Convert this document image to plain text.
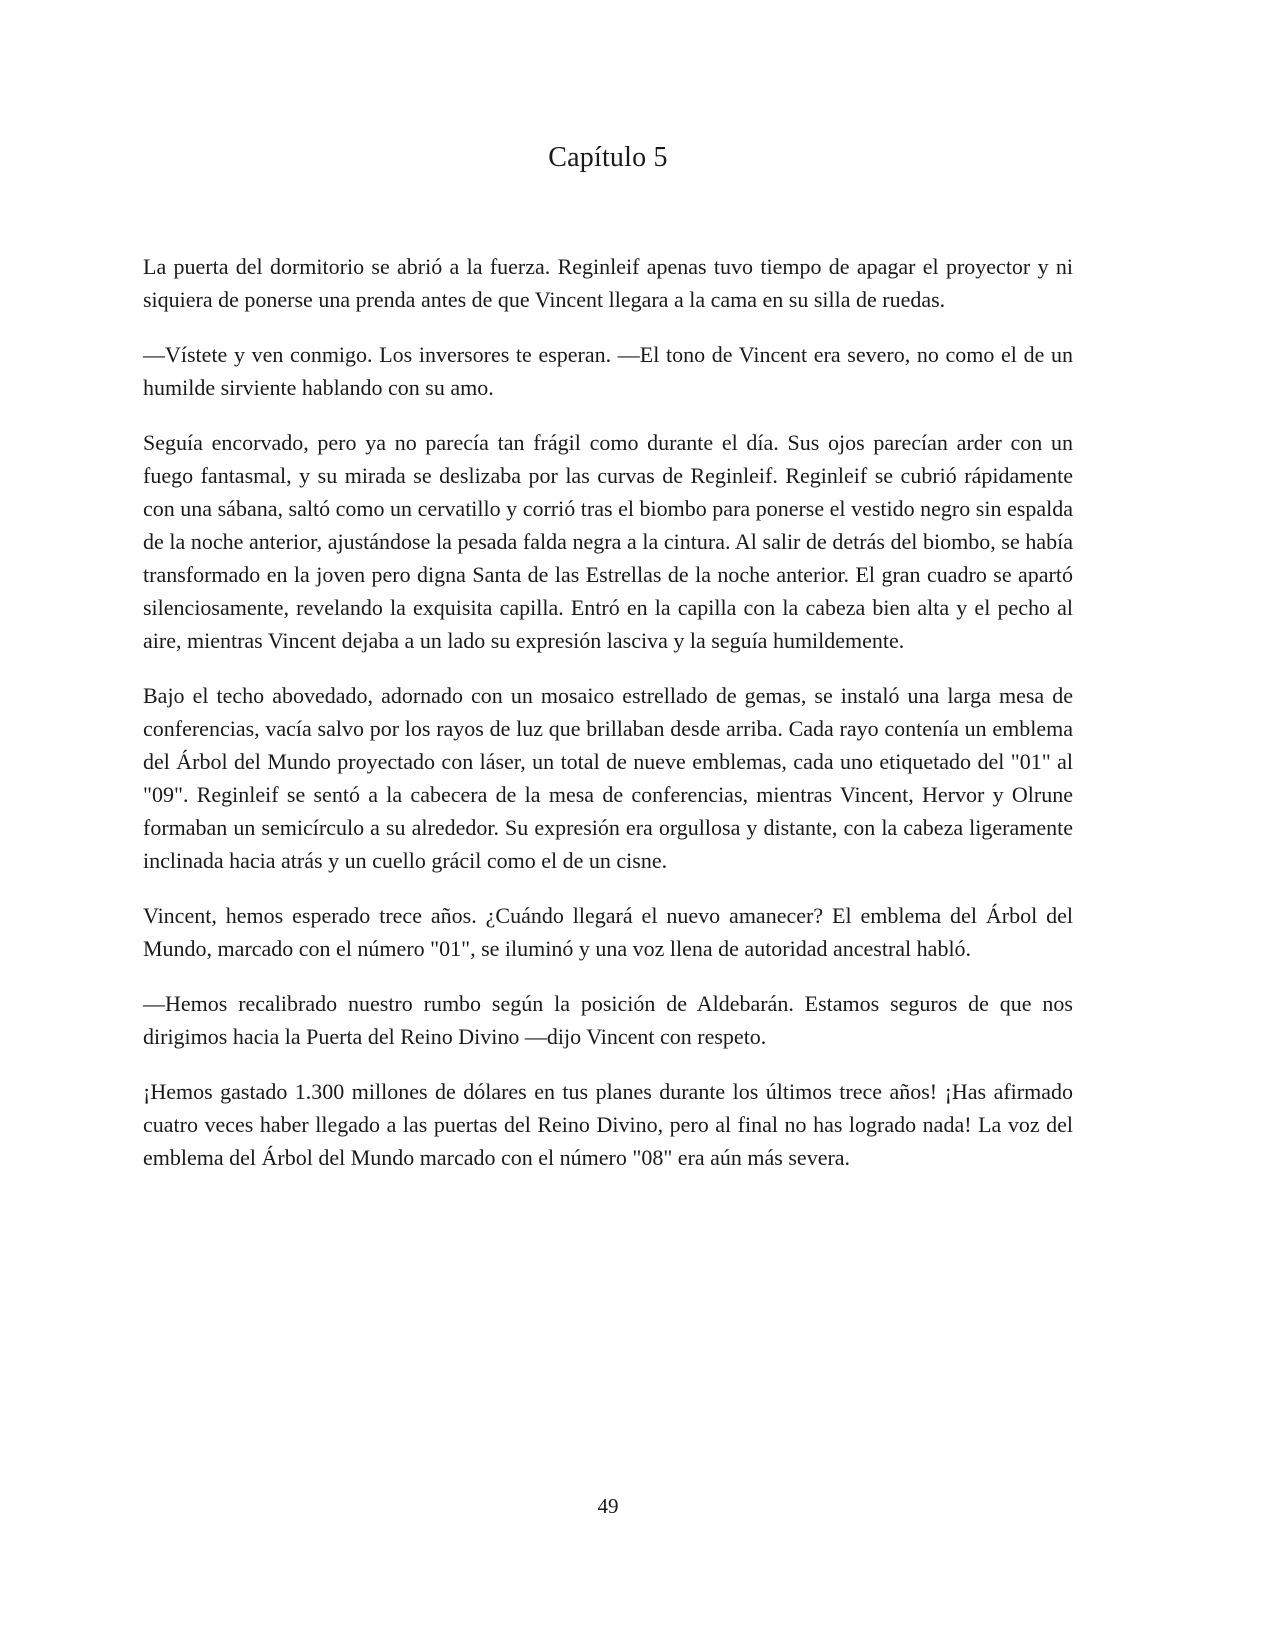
Capítulo 5

La puerta del dormitorio se abrió a la fuerza. Reginleif apenas tuvo tiempo de apagar el proyector y ni siquiera de ponerse una prenda antes de que Vincent llegara a la cama en su silla de ruedas.

—Vístete y ven conmigo. Los inversores te esperan. —El tono de Vincent era severo, no como el de un humilde sirviente hablando con su amo.

Seguía encorvado, pero ya no parecía tan frágil como durante el día. Sus ojos parecían arder con un fuego fantasmal, y su mirada se deslizaba por las curvas de Reginleif. Reginleif se cubrió rápidamente con una sábana, saltó como un cervatillo y corrió tras el biombo para ponerse el vestido negro sin espalda de la noche anterior, ajustándose la pesada falda negra a la cintura. Al salir de detrás del biombo, se había transformado en la joven pero digna Santa de las Estrellas de la noche anterior. El gran cuadro se apartó silenciosamente, revelando la exquisita capilla. Entró en la capilla con la cabeza bien alta y el pecho al aire, mientras Vincent dejaba a un lado su expresión lasciva y la seguía humildemente.

Bajo el techo abovedado, adornado con un mosaico estrellado de gemas, se instaló una larga mesa de conferencias, vacía salvo por los rayos de luz que brillaban desde arriba. Cada rayo contenía un emblema del Árbol del Mundo proyectado con láser, un total de nueve emblemas, cada uno etiquetado del "01" al "09". Reginleif se sentó a la cabecera de la mesa de conferencias, mientras Vincent, Hervor y Olrune formaban un semicírculo a su alrededor. Su expresión era orgullosa y distante, con la cabeza ligeramente inclinada hacia atrás y un cuello grácil como el de un cisne.

Vincent, hemos esperado trece años. ¿Cuándo llegará el nuevo amanecer? El emblema del Árbol del Mundo, marcado con el número "01", se iluminó y una voz llena de autoridad ancestral habló.

—Hemos recalibrado nuestro rumbo según la posición de Aldebarán. Estamos seguros de que nos dirigimos hacia la Puerta del Reino Divino —dijo Vincent con respeto.

¡Hemos gastado 1.300 millones de dólares en tus planes durante los últimos trece años! ¡Has afirmado cuatro veces haber llegado a las puertas del Reino Divino, pero al final no has logrado nada! La voz del emblema del Árbol del Mundo marcado con el número "08" era aún más severa.

49
